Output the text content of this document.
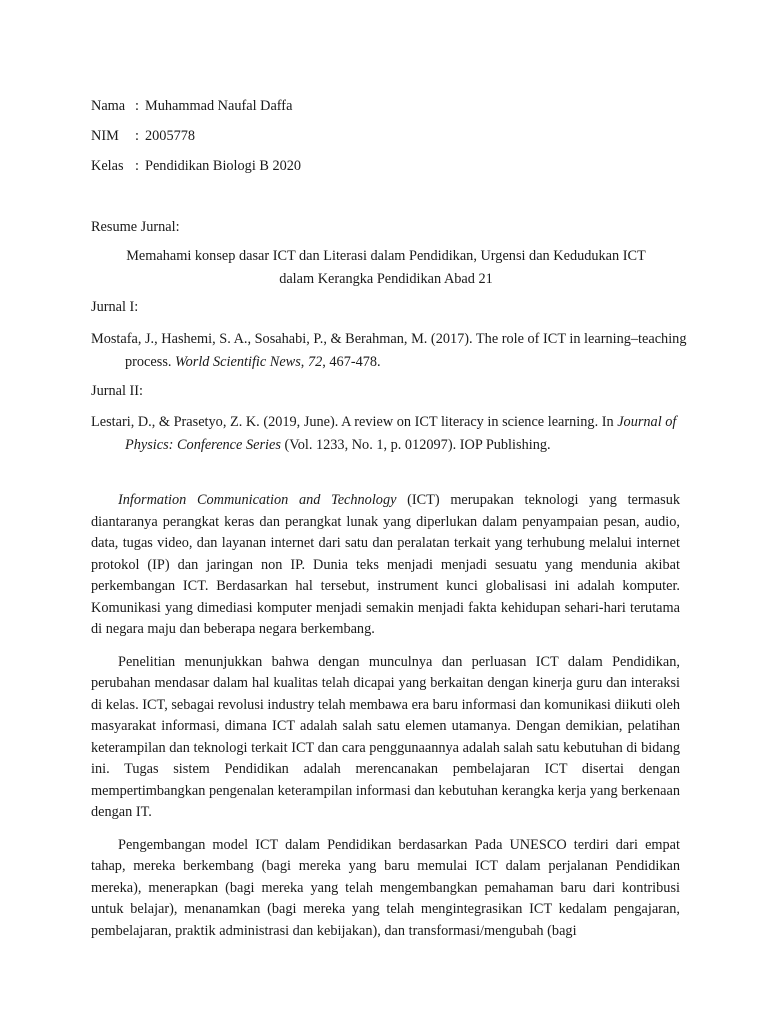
Nama : Muhammad Naufal Daffa
NIM	: 2005778
Kelas : Pendidikan Biologi B 2020
Resume Jurnal:

Memahami konsep dasar ICT dan Literasi dalam Pendidikan, Urgensi dan Kedudukan ICT

dalam Kerangka Pendidikan Abad 21

Jurnal I:
Mostafa, J., Hashemi, S. A., Sosahabi, P., & Berahman, M. (2017). The role of ICT in learning–teaching process. World Scientific News, 72, 467-478.
Jurnal II:
Lestari, D., & Prasetyo, Z. K. (2019, June). A review on ICT literacy in science learning. In Journal of Physics: Conference Series (Vol. 1233, No. 1, p. 012097). IOP Publishing.

Information Communication and Technology (ICT) merupakan teknologi yang termasuk diantaranya perangkat keras dan perangkat lunak yang diperlukan dalam penyampaian pesan, audio, data, tugas video, dan layanan internet dari satu dan peralatan terkait yang terhubung melalui internet protokol (IP) dan jaringan non IP. Dunia teks menjadi menjadi sesuatu yang mendunia akibat perkembangan ICT. Berdasarkan hal tersebut, instrument kunci globalisasi ini adalah komputer. Komunikasi yang dimediasi komputer menjadi semakin menjadi fakta kehidupan sehari-hari terutama di negara maju dan beberapa negara berkembang.

Penelitian menunjukkan bahwa dengan munculnya dan perluasan ICT dalam Pendidikan, perubahan mendasar dalam hal kualitas telah dicapai yang berkaitan dengan kinerja guru dan interaksi di kelas. ICT, sebagai revolusi industry telah membawa era baru informasi dan komunikasi diikuti oleh masyarakat informasi, dimana ICT adalah salah satu elemen utamanya. Dengan demikian, pelatihan keterampilan dan teknologi terkait ICT dan cara penggunaannya adalah salah satu kebutuhan di bidang ini. Tugas sistem Pendidikan adalah merencanakan pembelajaran ICT disertai dengan mempertimbangkan pengenalan keterampilan informasi dan kebutuhan kerangka kerja yang berkenaan dengan IT.

Pengembangan model ICT dalam Pendidikan berdasarkan Pada UNESCO terdiri dari empat tahap, mereka berkembang (bagi mereka yang baru memulai ICT dalam perjalanan Pendidikan mereka), menerapkan (bagi mereka yang telah mengembangkan pemahaman baru dari kontribusi untuk belajar), menanamkan (bagi mereka yang telah mengintegrasikan ICT kedalam pengajaran, pembelajaran, praktik administrasi dan kebijakan), dan transformasi/mengubah (bagi
